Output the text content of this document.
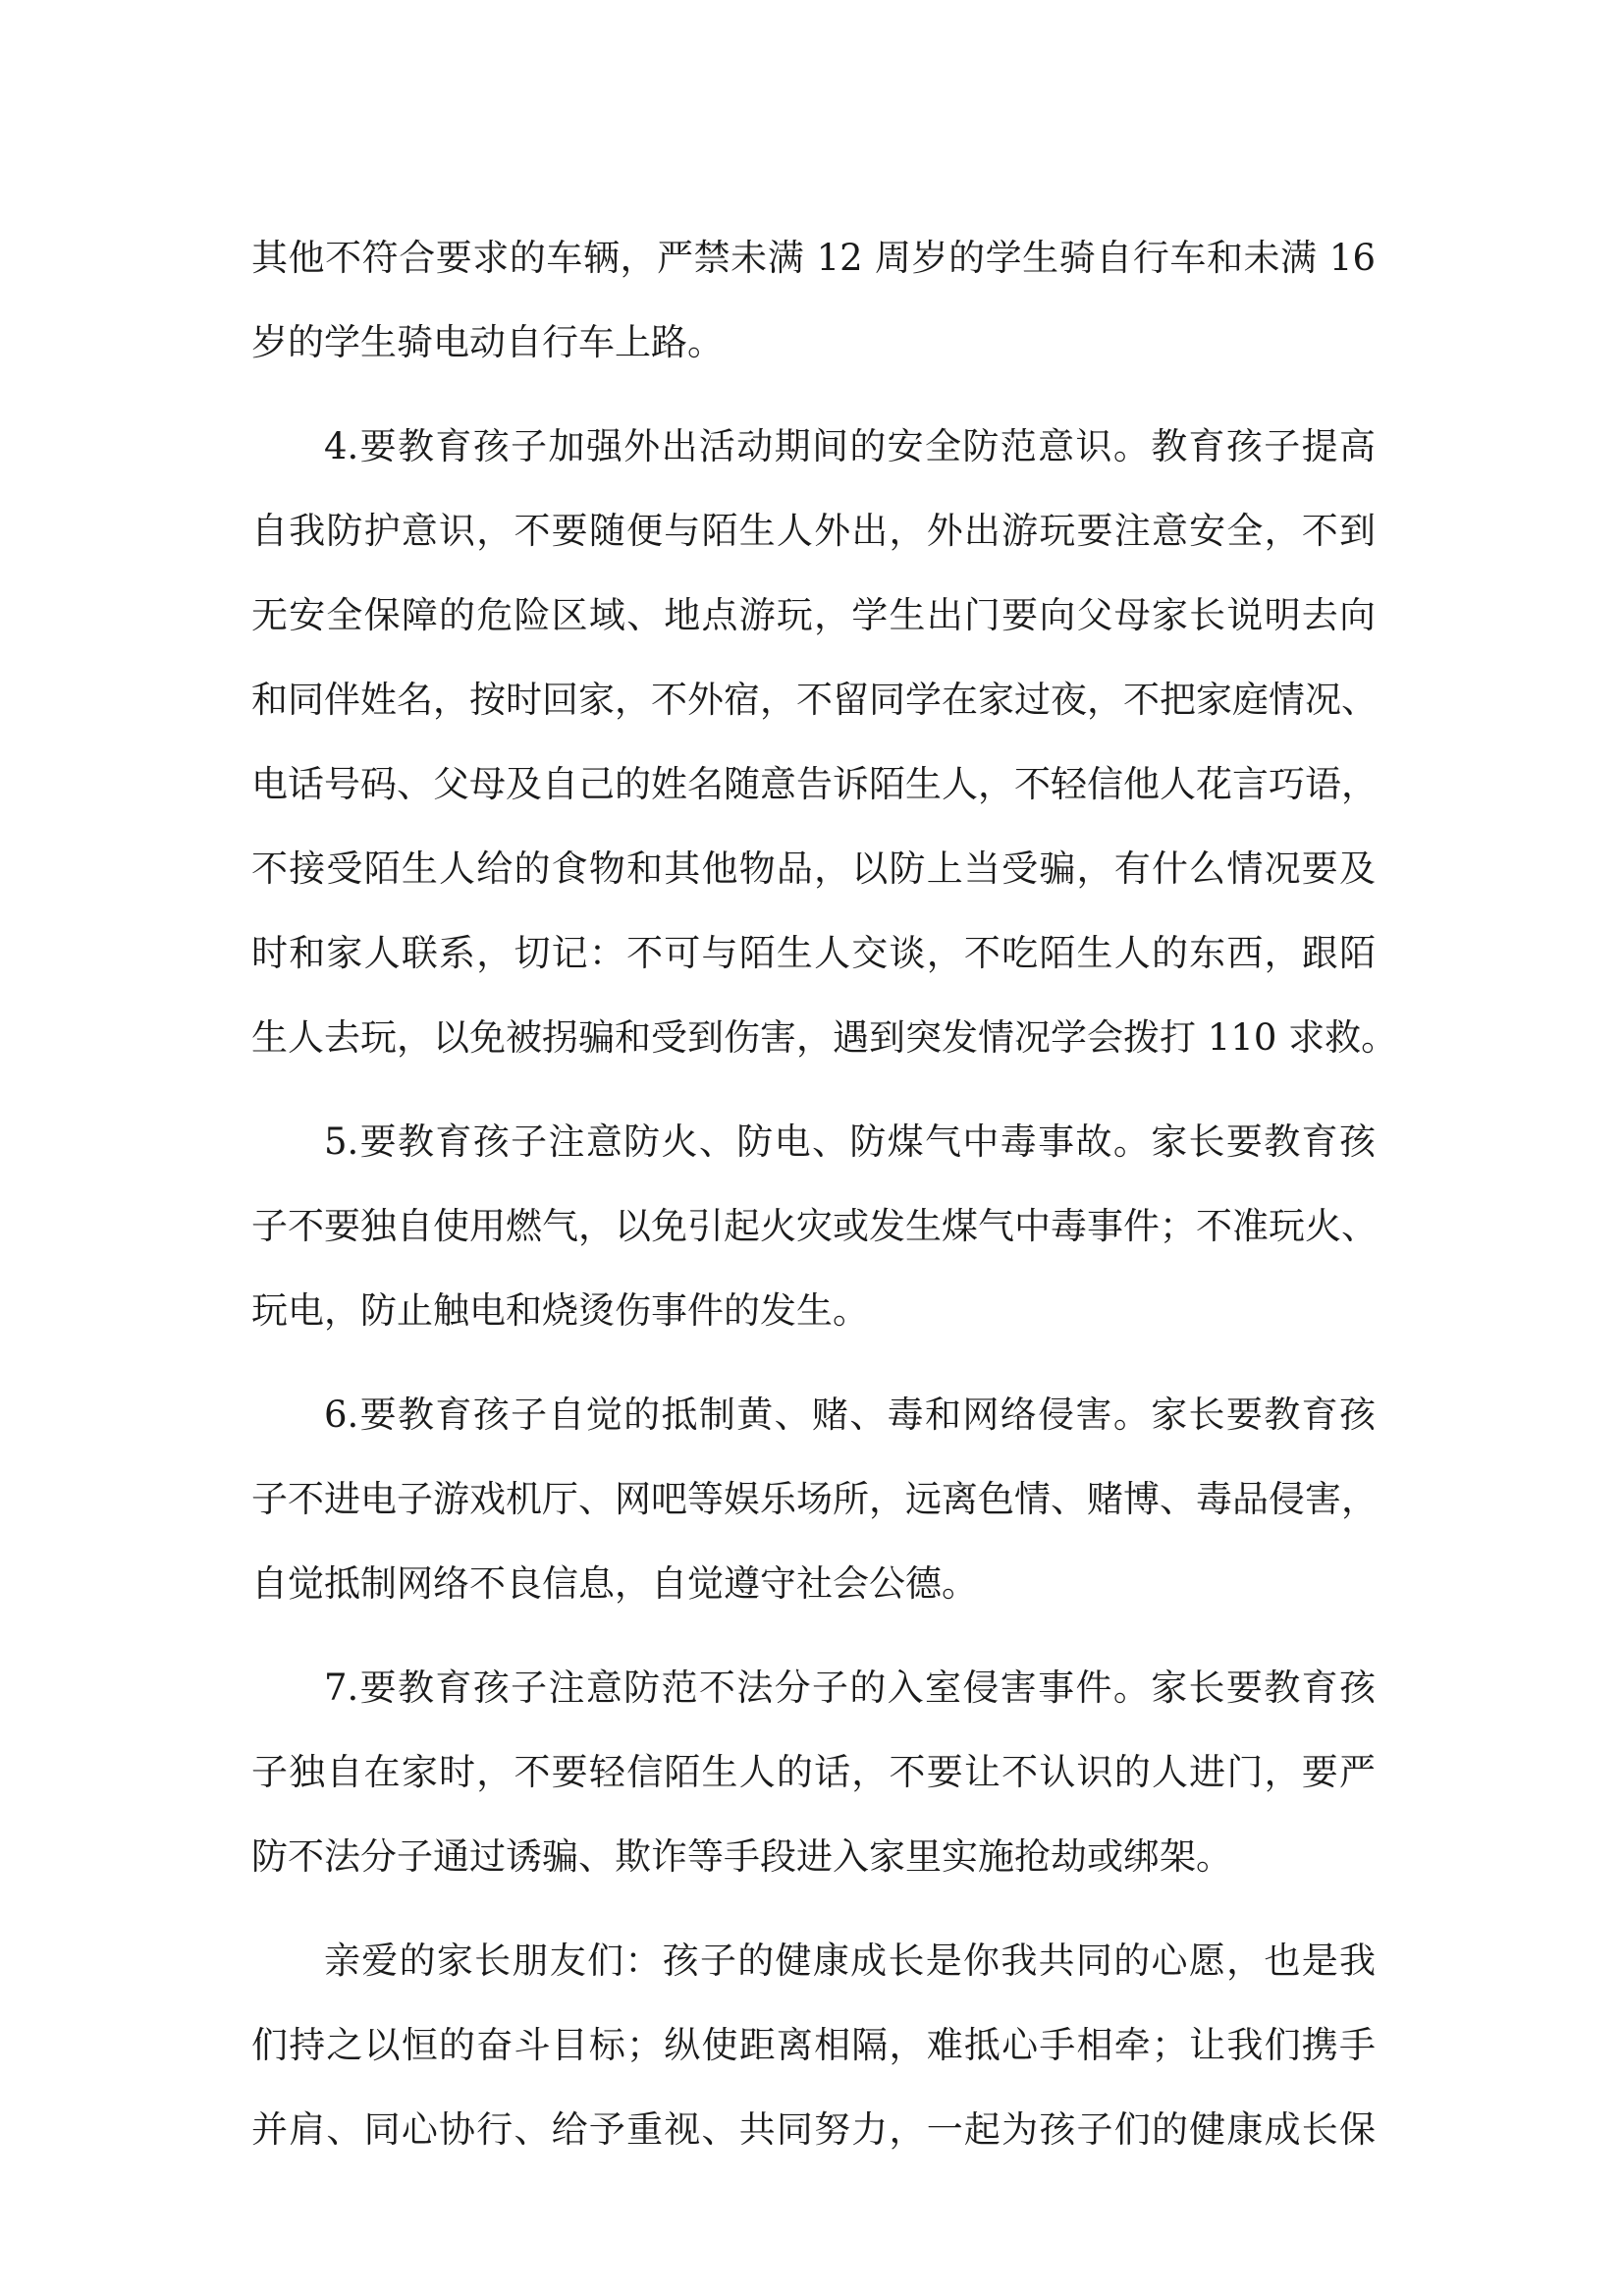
其他不符合要求的车辆，严禁未满 12 周岁的学生骑自行车和未满 16
岁的学生骑电动自行车上路。
4.要教育孩子加强外出活动期间的安全防范意识。教育孩子提高
自我防护意识，不要随便与陌生人外出，外出游玩要注意安全，不到
无安全保障的危险区域、地点游玩，学生出门要向父母家长说明去向
和同伴姓名，按时回家，不外宿，不留同学在家过夜，不把家庭情况、
电话号码、父母及自己的姓名随意告诉陌生人，不轻信他人花言巧语，
不接受陌生人给的食物和其他物品，以防上当受骗，有什么情况要及
时和家人联系，切记：不可与陌生人交谈，不吃陌生人的东西，跟陌
生人去玩，以免被拐骗和受到伤害，遇到突发情况学会拨打 110 求救。
5.要教育孩子注意防火、防电、防煤气中毒事故。家长要教育孩
子不要独自使用燃气，以免引起火灾或发生煤气中毒事件；不准玩火、
玩电，防止触电和烧烫伤事件的发生。
6.要教育孩子自觉的抵制黄、赌、毒和网络侵害。家长要教育孩
子不进电子游戏机厅、网吧等娱乐场所，远离色情、赌博、毒品侵害，
自觉抵制网络不良信息，自觉遵守社会公德。
7.要教育孩子注意防范不法分子的入室侵害事件。家长要教育孩
子独自在家时，不要轻信陌生人的话，不要让不认识的人进门，要严
防不法分子通过诱骗、欺诈等手段进入家里实施抢劫或绑架。
亲爱的家长朋友们：孩子的健康成长是你我共同的心愿，也是我
们持之以恒的奋斗目标；纵使距离相隔，难抵心手相牵；让我们携手
并肩、同心协行、给予重视、共同努力，一起为孩子们的健康成长保
